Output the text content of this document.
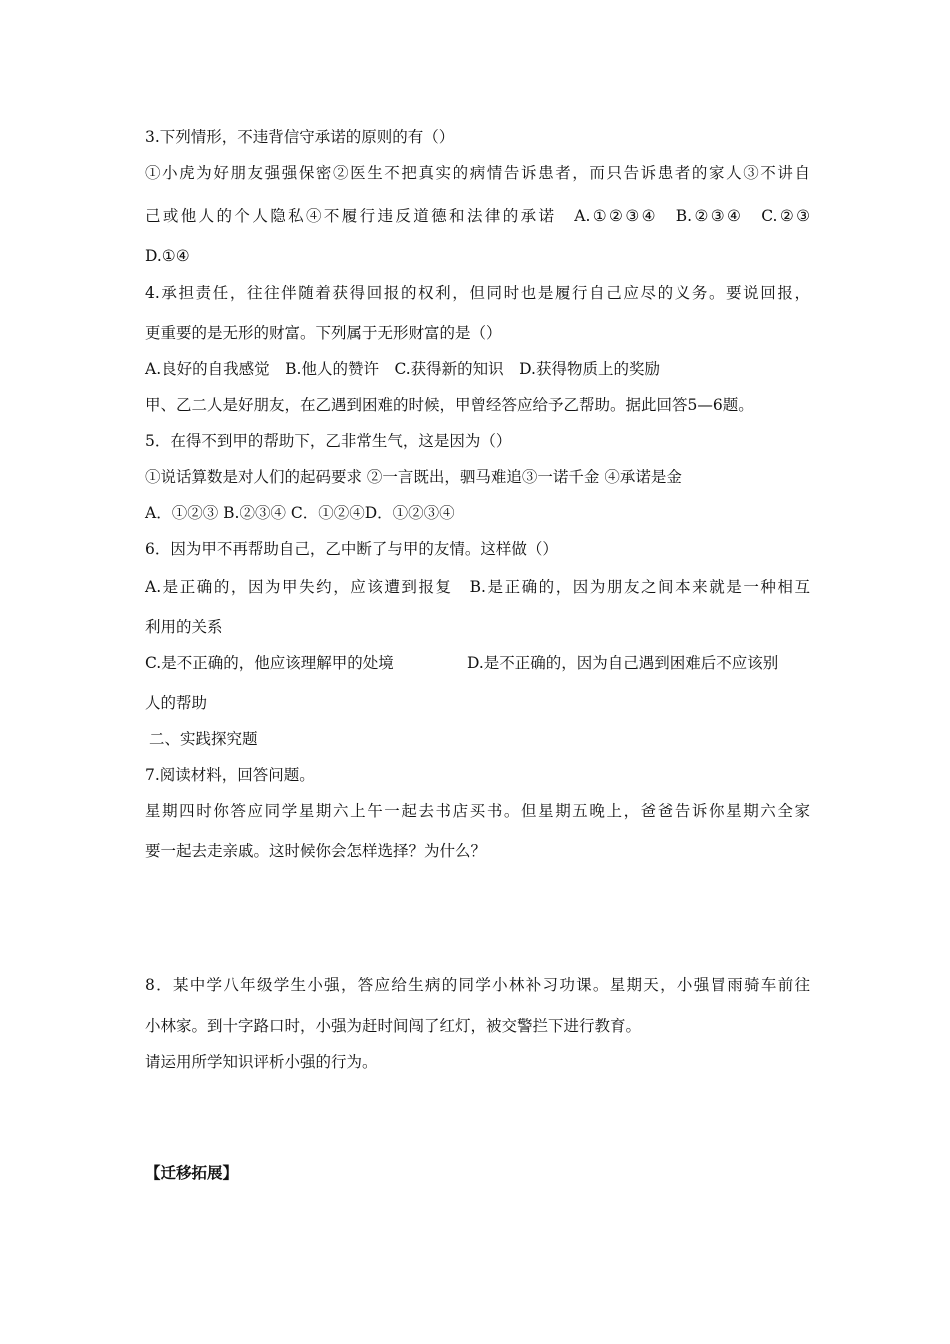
3.下列情形，不违背信守承诺的原则的有（）
①小虎为好朋友强强保密②医生不把真实的病情告诉患者，而只告诉患者的家人③不讲自
己或他人的个人隐私④不履行违反道德和法律的承诺　A.①②③④　B.②③④　C.②③
D.①④
4.承担责任，往往伴随着获得回报的权利，但同时也是履行自己应尽的义务。要说回报，
更重要的是无形的财富。下列属于无形财富的是（）
A.良好的自我感觉　B.他人的赞许　C.获得新的知识　D.获得物质上的奖励
甲、乙二人是好朋友，在乙遇到困难的时候，甲曾经答应给予乙帮助。据此回答5—6题。
5．在得不到甲的帮助下，乙非常生气，这是因为（）
①说话算数是对人们的起码要求 ②一言既出，驷马难追③一诺千金 ④承诺是金
A．①②③ B.②③④ C．①②④D．①②③④
6．因为甲不再帮助自己，乙中断了与甲的友情。这样做（）
A.是正确的，因为甲失约，应该遭到报复　B.是正确的，因为朋友之间本来就是一种相互
利用的关系
C.是不正确的，他应该理解甲的处境	D.是不正确的，因为自己遇到困难后不应该别
人的帮助
二、实践探究题
7.阅读材料，回答问题。
星期四时你答应同学星期六上午一起去书店买书。但星期五晚上，爸爸告诉你星期六全家
要一起去走亲戚。这时候你会怎样选择？为什么？
8．某中学八年级学生小强，答应给生病的同学小林补习功课。星期天，小强冒雨骑车前往
小林家。到十字路口时，小强为赶时间闯了红灯，被交警拦下进行教育。
请运用所学知识评析小强的行为。
【迁移拓展】
